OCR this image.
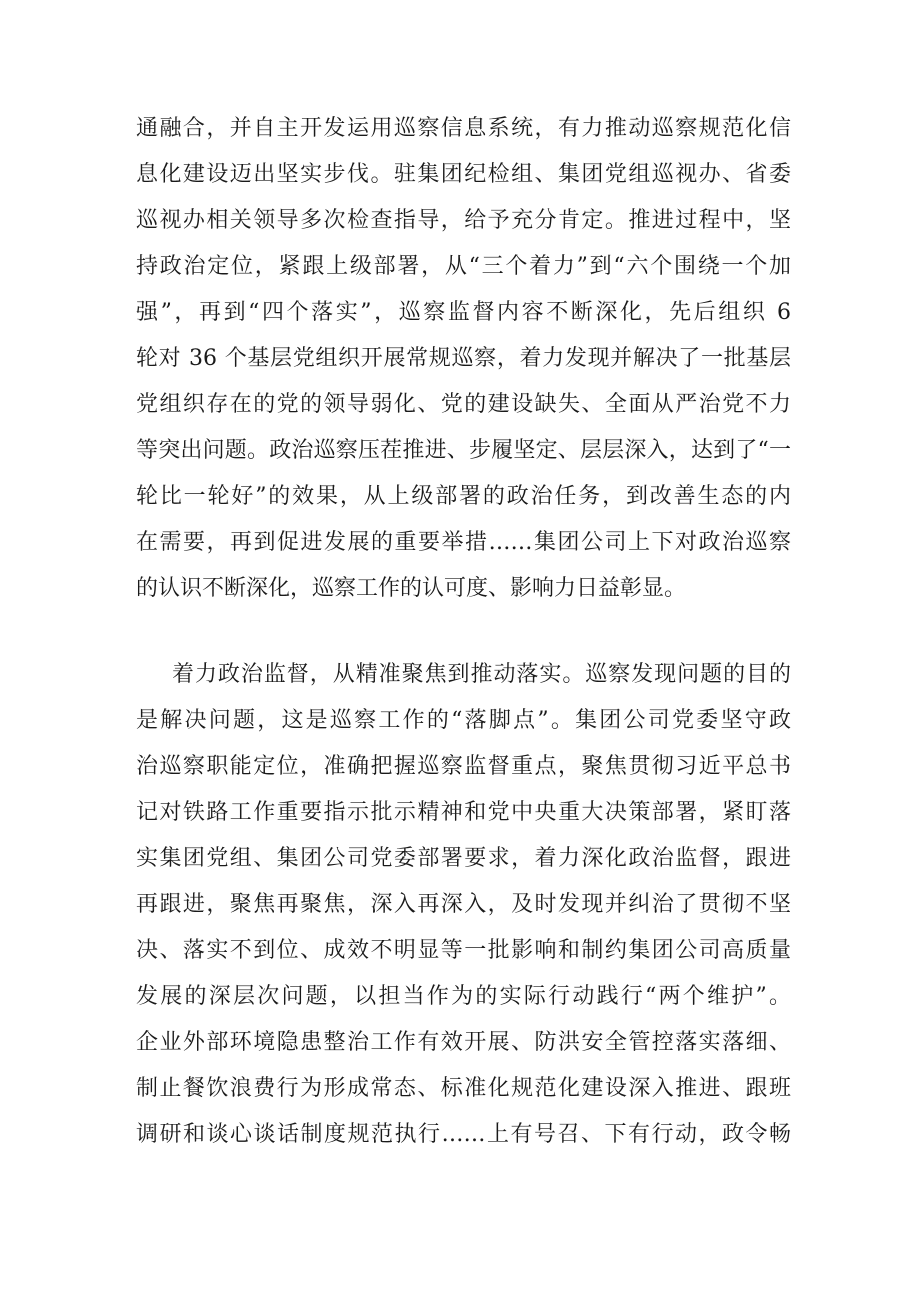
通融合，并自主开发运用巡察信息系统，有力推动巡察规范化信
息化建设迈出坚实步伐。驻集团纪检组、集团党组巡视办、省委
巡视办相关领导多次检查指导，给予充分肯定。推进过程中，坚
持政治定位，紧跟上级部署，从“三个着力”到“六个围绕一个加
强”，再到“四个落实”，巡察监督内容不断深化，先后组织 6
轮对 36 个基层党组织开展常规巡察，着力发现并解决了一批基层
党组织存在的党的领导弱化、党的建设缺失、全面从严治党不力
等突出问题。政治巡察压茬推进、步履坚定、层层深入，达到了“一
轮比一轮好”的效果，从上级部署的政治任务，到改善生态的内
在需要，再到促进发展的重要举措……集团公司上下对政治巡察
的认识不断深化，巡察工作的认可度、影响力日益彰显。
着力政治监督，从精准聚焦到推动落实。巡察发现问题的目的
是解决问题，这是巡察工作的“落脚点”。集团公司党委坚守政
治巡察职能定位，准确把握巡察监督重点，聚焦贯彻习近平总书
记对铁路工作重要指示批示精神和党中央重大决策部署，紧盯落
实集团党组、集团公司党委部署要求，着力深化政治监督，跟进
再跟进，聚焦再聚焦，深入再深入，及时发现并纠治了贯彻不坚
决、落实不到位、成效不明显等一批影响和制约集团公司高质量
发展的深层次问题，以担当作为的实际行动践行“两个维护”。
企业外部环境隐患整治工作有效开展、防洪安全管控落实落细、
制止餐饮浪费行为形成常态、标准化规范化建设深入推进、跟班
调研和谈心谈话制度规范执行……上有号召、下有行动，政令畅
